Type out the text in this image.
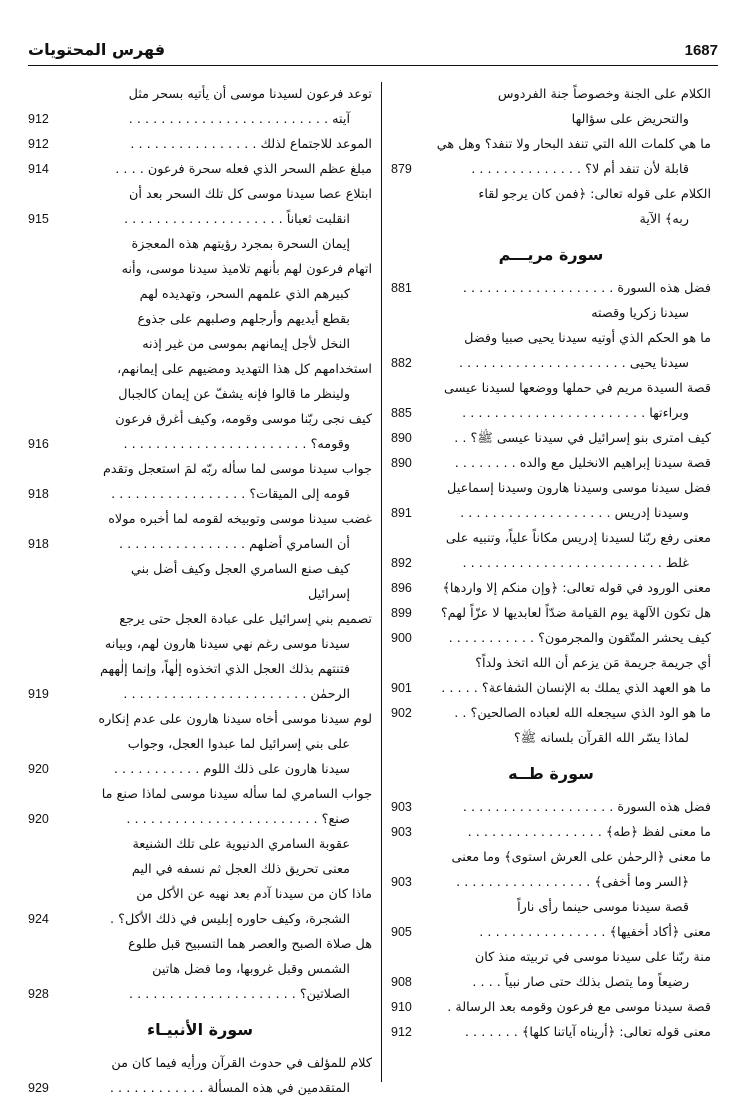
1687
فهرس المحتويات
الكلام على الجنة وخصوصاً جنة الفردوس
والتحريض على سؤالها
ما هي كلمات الله التي تنفد البحار ولا تنفد؟ وهل هي
قابلة لأن تنفد أم لا؟ . . . . . . . . . . . . . .
879
الكلام على قوله تعالى: ﴿فمن كان يرجو لقاء
ربه﴾ الآية
سورة مريـــم
فضل هذه السورة . . . . . . . . . . . . . . . . . . .
881
سيدنا زكريا وقصته
ما هو الحكم الذي أوتيه سيدنا يحيى صبيا وفضل
سيدنا يحيى . . . . . . . . . . . . . . . . . . . . .
882
قصة السيدة مريم في حملها ووضعها لسيدنا عيسى
وبراءتها . . . . . . . . . . . . . . . . . . . . . . .
885
كيف امترى بنو إسرائيل في سيدنا عيسى ﷺ؟ . .
890
قصة سيدنا إبراهيم الانخليل مع والده . . . . . . . .
890
فضل سيدنا موسى وسيدنا هارون وسيدنا إسماعيل
وسيدنا إدريس . . . . . . . . . . . . . . . . . . .
891
معنى رفع ربّنا لسيدنا إدريس مكاناً علياً، وتنبيه على
غلط . . . . . . . . . . . . . . . . . . . . . . . . .
892
معنى الورود في قوله تعالى: ﴿وإن منكم إلا واردها﴾
896
هل تكون الآلهة يوم القيامة ضدّاً لعابديها لا عزّاً لهم؟
899
كيف يحشر المتّقون والمجرمون؟ . . . . . . . . . . .
900
أي جريمة جريمة مَن يزعم أن الله اتخذ ولداً؟
ما هو العهد الذي يملك به الإنسان الشفاعة؟ . . . . .
901
ما هو الود الذي سيجعله الله لعباده الصالحين؟ . .
902
لماذا يسّر الله القرآن بلسانه ﷺ؟
سورة طــه
فضل هذه السورة . . . . . . . . . . . . . . . . . . .
903
ما معنى لفظ ﴿طه﴾ . . . . . . . . . . . . . . . . .
903
ما معنى ﴿الرحمٰن على العرش استوى﴾ وما معنى
﴿السر وما أخفى﴾ . . . . . . . . . . . . . . . . .
903
قصة سيدنا موسى حينما رأى ناراً
معنى ﴿أكاد أخفيها﴾ . . . . . . . . . . . . . . . .
905
منة ربّنا على سيدنا موسى في تربيته منذ كان
رضيعاً وما يتصل بذلك حتى صار نبياً . . . .
908
قصة سيدنا موسى مع فرعون وقومه بعد الرسالة .
910
معنى قوله تعالى: ﴿أريناه آياتنا كلها﴾ . . . . . . .
912
توعد فرعون لسيدنا موسى أن يأتيه بسحر مثل
آيته . . . . . . . . . . . . . . . . . . . . . . . . .
912
الموعد للاجتماع لذلك . . . . . . . . . . . . . . . .
912
مبلغ عظم السحر الذي فعله سحرة فرعون . . . .
914
ابتلاع عصا سيدنا موسى كل تلك السحر بعد أن
انقلبت ثعباناً . . . . . . . . . . . . . . . . . . . .
915
إيمان السحرة بمجرد رؤيتهم هذه المعجزة
اتهام فرعون لهم بأنهم تلاميذ سيدنا موسى، وأنه
كبيرهم الذي علمهم السحر، وتهديده لهم
بقطع أيديهم وأرجلهم وصلبهم على جذوع
النخل لأجل إيمانهم بموسى من غير إذنه
استخدامهم كل هذا التهديد ومضيهم على إيمانهم،
ولينظر ما قالوا فإنه يشفّ عن إيمان كالجبال
كيف نجى ربّنا موسى وقومه، وكيف أغرق فرعون
وقومه؟ . . . . . . . . . . . . . . . . . . . . . . .
916
جواب سيدنا موسى لما سأله ربّه لمَ استعجل وتقدم
قومه إلى الميقات؟ . . . . . . . . . . . . . . . . .
918
غضب سيدنا موسى وتوبيخه لقومه لما أخبره مولاه
أن السامري أضلهم . . . . . . . . . . . . . . . .
918
كيف صنع السامري العجل وكيف أضل بني
إسرائيل
تصميم بني إسرائيل على عبادة العجل حتى يرجع
سيدنا موسى رغم نهي سيدنا هارون لهم، وبيانه
فتنتهم بذلك العجل الذي اتخذوه إلٰهاً، وإنما إلٰههم
الرحمٰن . . . . . . . . . . . . . . . . . . . . . . .
919
لوم سيدنا موسى أخاه سيدنا هارون على عدم إنكاره
على بني إسرائيل لما عبدوا العجل، وجواب
سيدنا هارون على ذلك اللوم . . . . . . . . . . .
920
جواب السامري لما سأله سيدنا موسى لماذا صنع ما
صنع؟ . . . . . . . . . . . . . . . . . . . . . . . .
920
عقوبة السامري الدنيوية على تلك الشنيعة
معنى تحريق ذلك العجل ثم نسفه في اليم
ماذا كان من سيدنا آدم بعد نهيه عن الأكل من
الشجرة، وكيف حاوره إبليس في ذلك الأكل؟ .
924
هل صلاة الصبح والعصر هما التسبيح قبل طلوع
الشمس وقبل غروبها، وما فضل هاتين
الصلاتين؟ . . . . . . . . . . . . . . . . . . . . .
928
سورة الأنبيـاء
كلام للمؤلف في حدوث القرآن ورأيه فيما كان من
المتقدمين في هذه المسألة . . . . . . . . . . . .
929
